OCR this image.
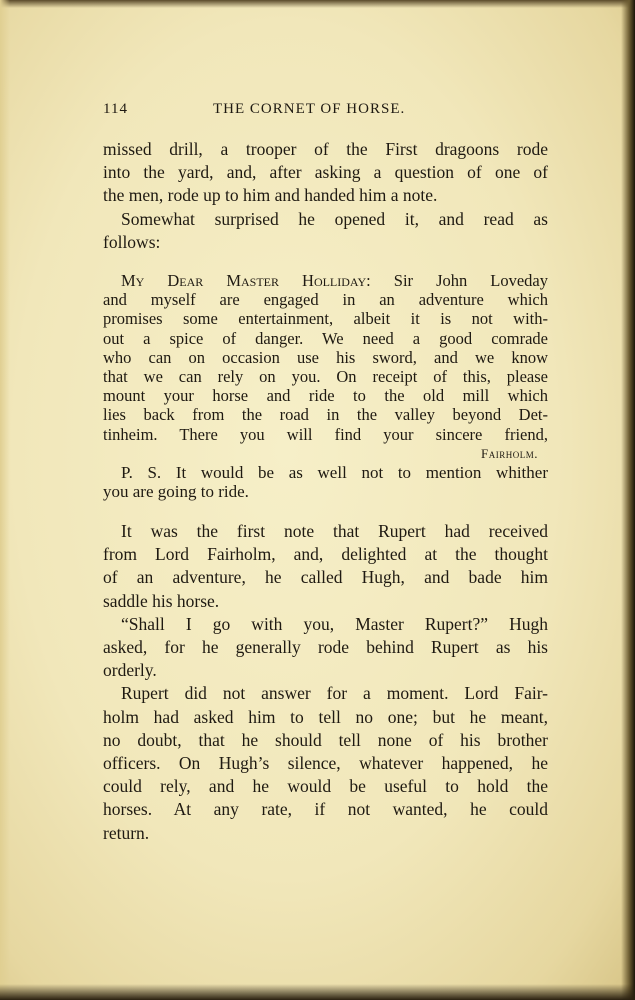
114	THE CORNET OF HORSE.
missed drill, a trooper of the First dragoons rode
into the yard, and, after asking a question of one of
the men, rode up to him and handed him a note.
Somewhat surprised he opened it, and read as
follows:
My Dear Master Holliday: Sir John Loveday
and myself are engaged in an adventure which
promises some entertainment, albeit it is not with-
out a spice of danger. We need a good comrade
who can on occasion use his sword, and we know
that we can rely on you. On receipt of this, please
mount your horse and ride to the old mill which
lies back from the road in the valley beyond Det-
tinheim. There you will find your sincere friend,
Fairholm.
P. S. It would be as well not to mention whither
you are going to ride.
It was the first note that Rupert had received
from Lord Fairholm, and, delighted at the thought
of an adventure, he called Hugh, and bade him
saddle his horse.
“Shall I go with you, Master Rupert?” Hugh
asked, for he generally rode behind Rupert as his
orderly.
Rupert did not answer for a moment. Lord Fair-
holm had asked him to tell no one; but he meant,
no doubt, that he should tell none of his brother
officers. On Hugh’s silence, whatever happened, he
could rely, and he would be useful to hold the
horses. At any rate, if not wanted, he could
return.
